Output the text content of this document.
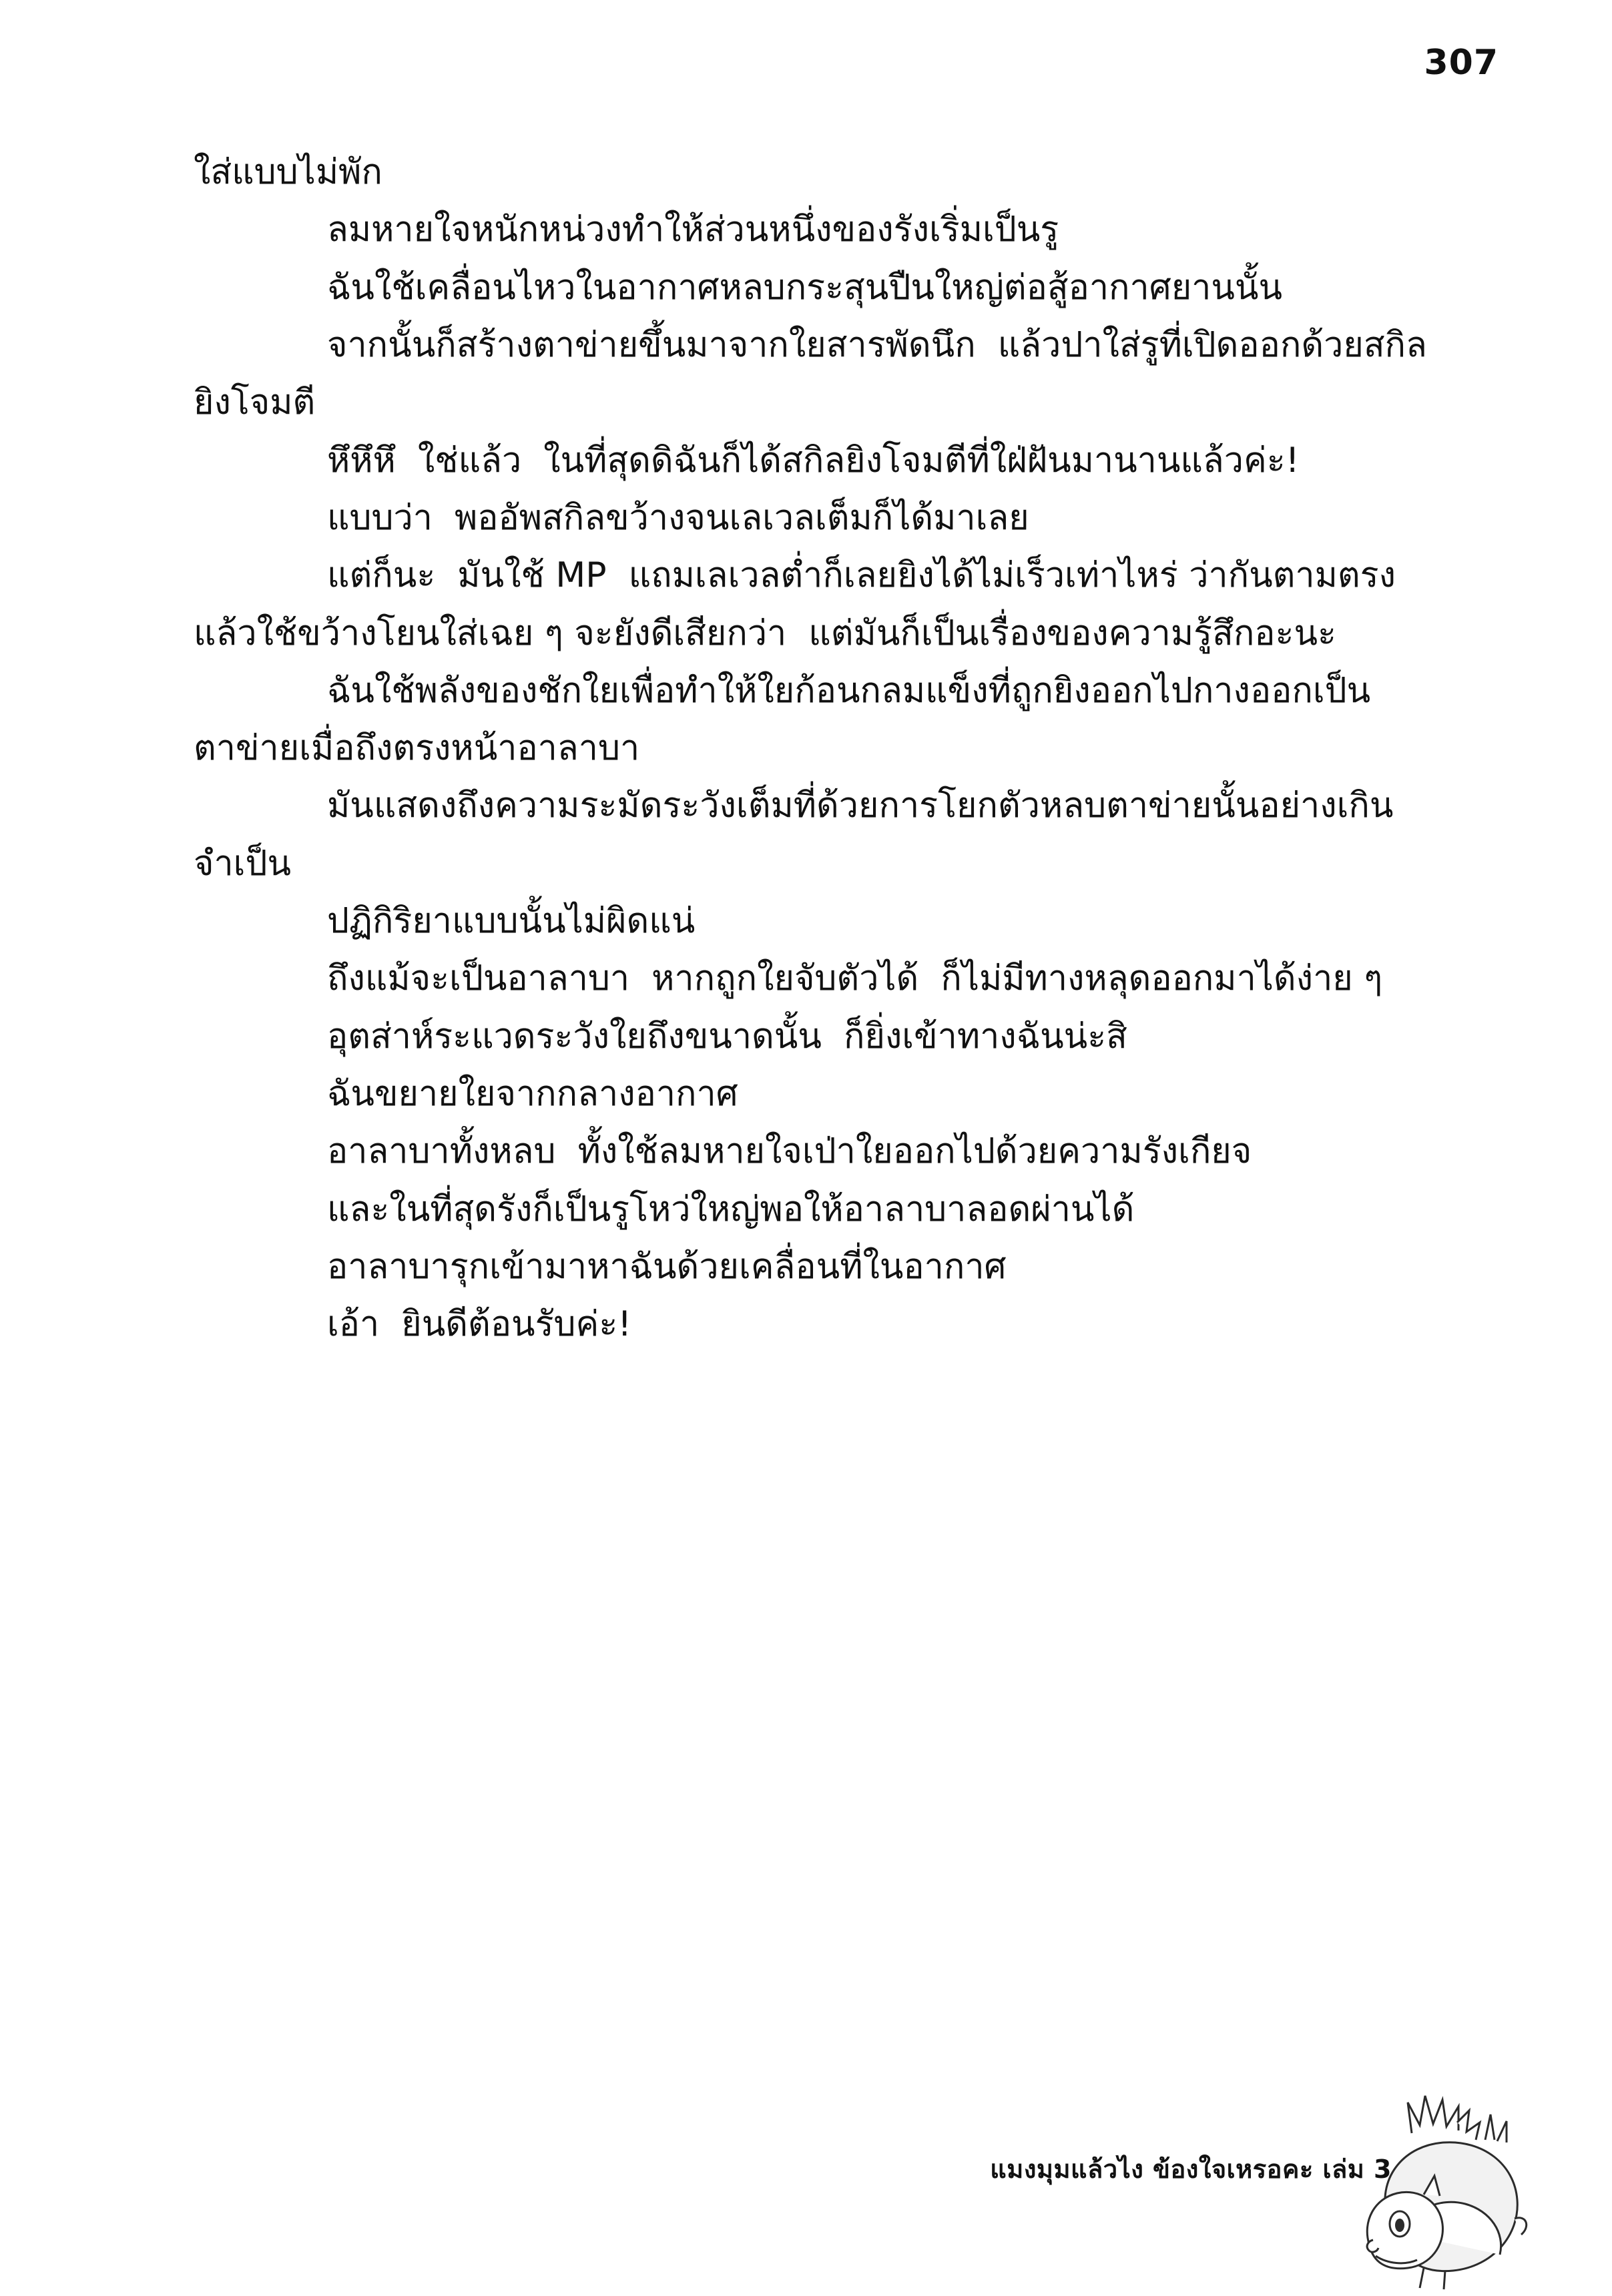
307

ใส่แบบไม่พัก

ลมหายใจหนักหน่วงทำให้ส่วนหนึ่งของรังเริ่มเป็นรู

ฉันใช้เคลื่อนไหวในอากาศหลบกระสุนปืนใหญ่ต่อสู้อากาศยานนั้น

จากนั้นก็สร้างตาข่ายขึ้นมาจากใยสารพัดนึก  แล้วปาใส่รูที่เปิดออกด้วยสกิลยิงโจมตี

หึหึหึ  ใช่แล้ว  ในที่สุดดิฉันก็ได้สกิลยิงโจมตีที่ใฝ่ฝันมานานแล้วค่ะ!

แบบว่า  พออัพสกิลขว้างจนเลเวลเต็มก็ได้มาเลย

แต่ก็นะ  มันใช้ MP  แถมเลเวลต่ำก็เลยยิงได้ไม่เร็วเท่าไหร่ ว่ากันตามตรงแล้วใช้ขว้างโยนใส่เฉย ๆ จะยังดีเสียกว่า  แต่มันก็เป็นเรื่องของความรู้สึกอะนะ

ฉันใช้พลังของชักใยเพื่อทำให้ใยก้อนกลมแข็งที่ถูกยิงออกไปกางออกเป็นตาข่ายเมื่อถึงตรงหน้าอาลาบา

มันแสดงถึงความระมัดระวังเต็มที่ด้วยการโยกตัวหลบตาข่ายนั้นอย่างเกินจำเป็น

ปฏิกิริยาแบบนั้นไม่ผิดแน่

ถึงแม้จะเป็นอาลาบา  หากถูกใยจับตัวได้  ก็ไม่มีทางหลุดออกมาได้ง่าย ๆ

อุตส่าห์ระแวดระวังใยถึงขนาดนั้น  ก็ยิ่งเข้าทางฉันน่ะสิ

ฉันขยายใยจากกลางอากาศ

อาลาบาทั้งหลบ  ทั้งใช้ลมหายใจเป่าใยออกไปด้วยความรังเกียจ

และในที่สุดรังก็เป็นรูโหว่ใหญ่พอให้อาลาบาลอดผ่านได้

อาลาบารุกเข้ามาหาฉันด้วยเคลื่อนที่ในอากาศ

เอ้า  ยินดีต้อนรับค่ะ!

แมงมุมแล้วไง ข้องใจเหรอคะ เล่ม 3
